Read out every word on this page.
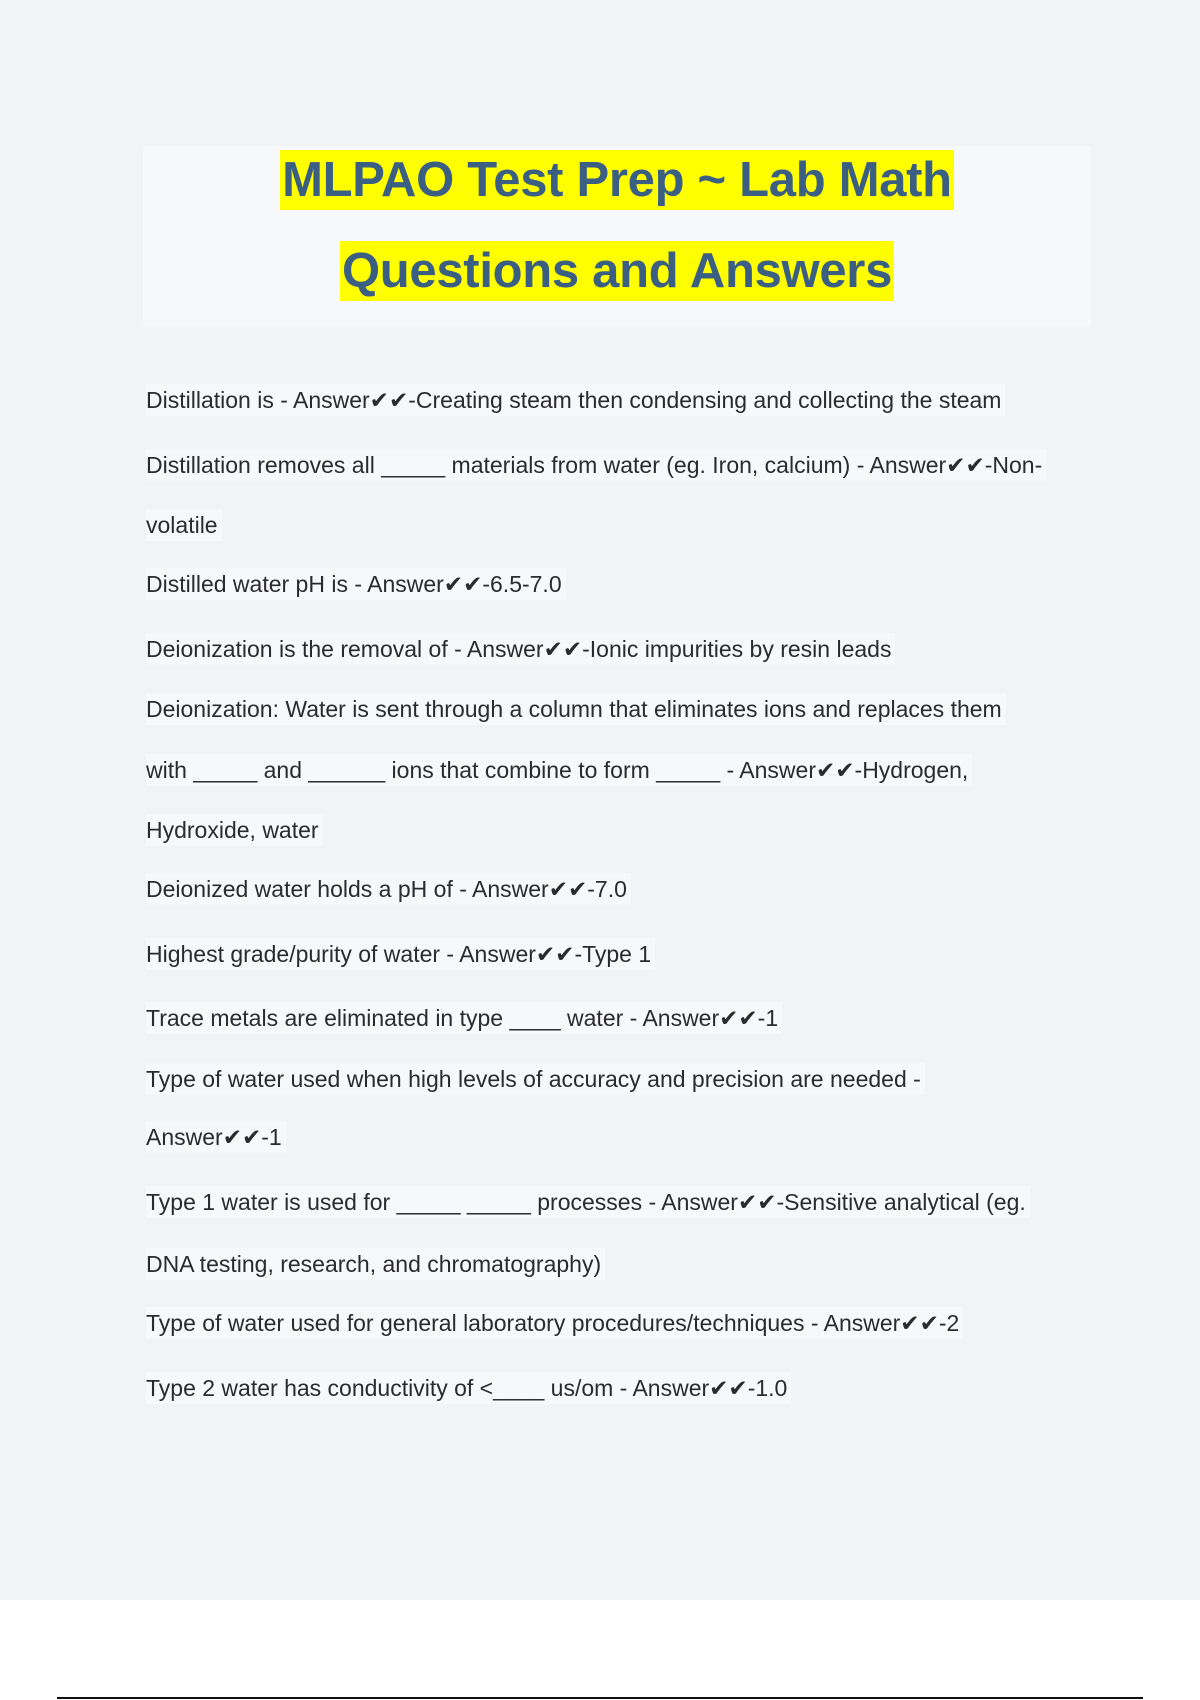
MLPAO Test Prep ~ Lab Math
Questions and Answers
Distillation is - Answer✔✔-Creating steam then condensing and collecting the steam
Distillation removes all _____ materials from water (eg. Iron, calcium) - Answer✔✔-Non-
volatile
Distilled water pH is - Answer✔✔-6.5-7.0
Deionization is the removal of - Answer✔✔-Ionic impurities by resin leads
Deionization: Water is sent through a column that eliminates ions and replaces them
with _____ and ______ ions that combine to form _____ - Answer✔✔-Hydrogen,
Hydroxide, water
Deionized water holds a pH of - Answer✔✔-7.0
Highest grade/purity of water - Answer✔✔-Type 1
Trace metals are eliminated in type ____ water - Answer✔✔-1
Type of water used when high levels of accuracy and precision are needed -
Answer✔✔-1
Type 1 water is used for _____ _____ processes - Answer✔✔-Sensitive analytical (eg.
DNA testing, research, and chromatography)
Type of water used for general laboratory procedures/techniques - Answer✔✔-2
Type 2 water has conductivity of <____ us/om - Answer✔✔-1.0
